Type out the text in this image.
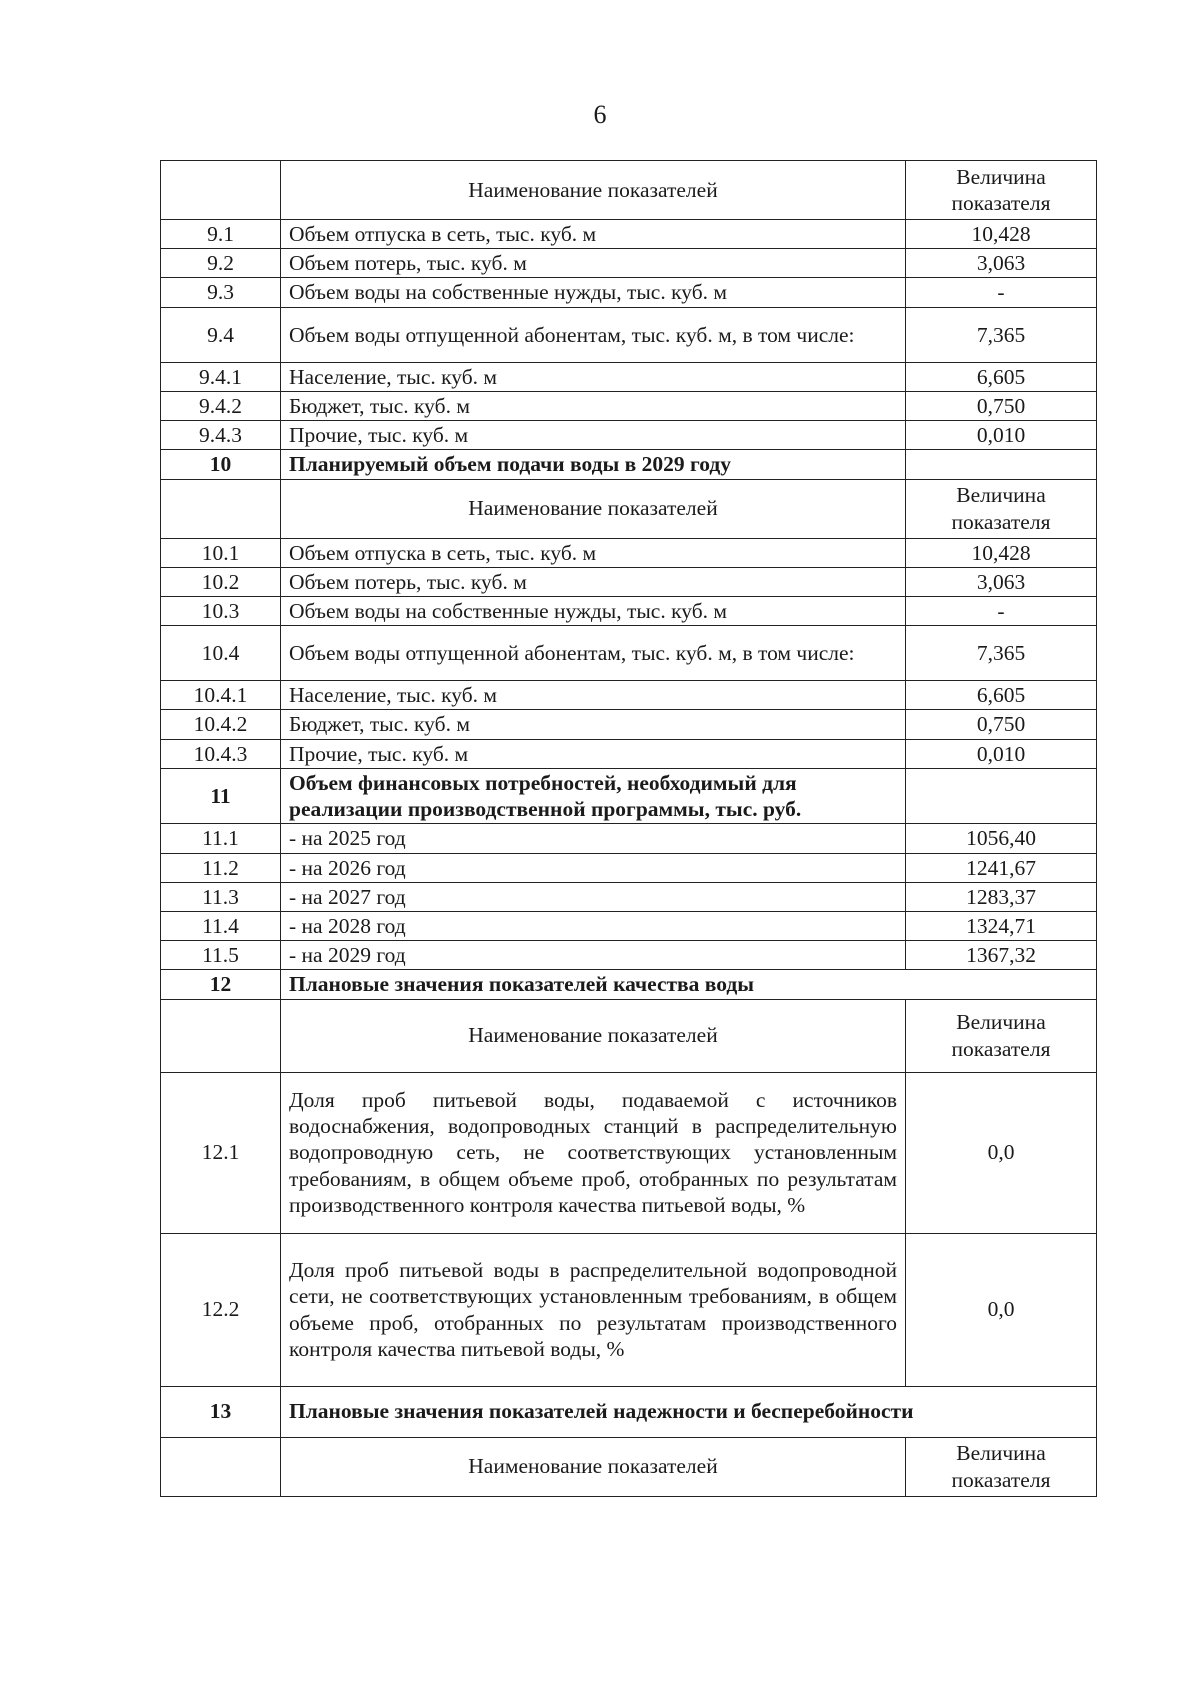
6
	Наименование показателей	Величина показателя
9.1	Объем отпуска в сеть, тыс. куб. м	10,428
9.2	Объем потерь, тыс. куб. м	3,063
9.3	Объем воды на собственные нужды, тыс. куб. м	-
9.4	Объем воды отпущенной абонентам, тыс. куб. м, в том числе:	7,365
9.4.1	Население, тыс. куб. м	6,605
9.4.2	Бюджет, тыс. куб. м	0,750
9.4.3	Прочие, тыс. куб. м	0,010
10	Планируемый объем подачи воды в 2029 году	
	Наименование показателей	Величина показателя
10.1	Объем отпуска в сеть, тыс. куб. м	10,428
10.2	Объем потерь, тыс. куб. м	3,063
10.3	Объем воды на собственные нужды, тыс. куб. м	-
10.4	Объем воды отпущенной абонентам, тыс. куб. м, в том числе:	7,365
10.4.1	Население, тыс. куб. м	6,605
10.4.2	Бюджет, тыс. куб. м	0,750
10.4.3	Прочие, тыс. куб. м	0,010
11	Объем финансовых потребностей, необходимый для реализации производственной программы, тыс. руб.	
11.1	- на 2025 год	1056,40
11.2	- на 2026 год	1241,67
11.3	- на 2027 год	1283,37
11.4	- на 2028 год	1324,71
11.5	- на 2029 год	1367,32
12	Плановые значения показателей качества воды	
	Наименование показателей	Величина показателя
12.1	Доля проб питьевой воды, подаваемой с источников водоснабжения, водопроводных станций в распределительную водопроводную сеть, не соответствующих установленным требованиям, в общем объеме проб, отобранных по результатам производственного контроля качества питьевой воды, %	0,0
12.2	Доля проб питьевой воды в распределительной водопроводной сети, не соответствующих установленным требованиям, в общем объеме проб, отобранных по результатам производственного контроля качества питьевой воды, %	0,0
13	Плановые значения показателей надежности и бесперебойности	
	Наименование показателей	Величина показателя
